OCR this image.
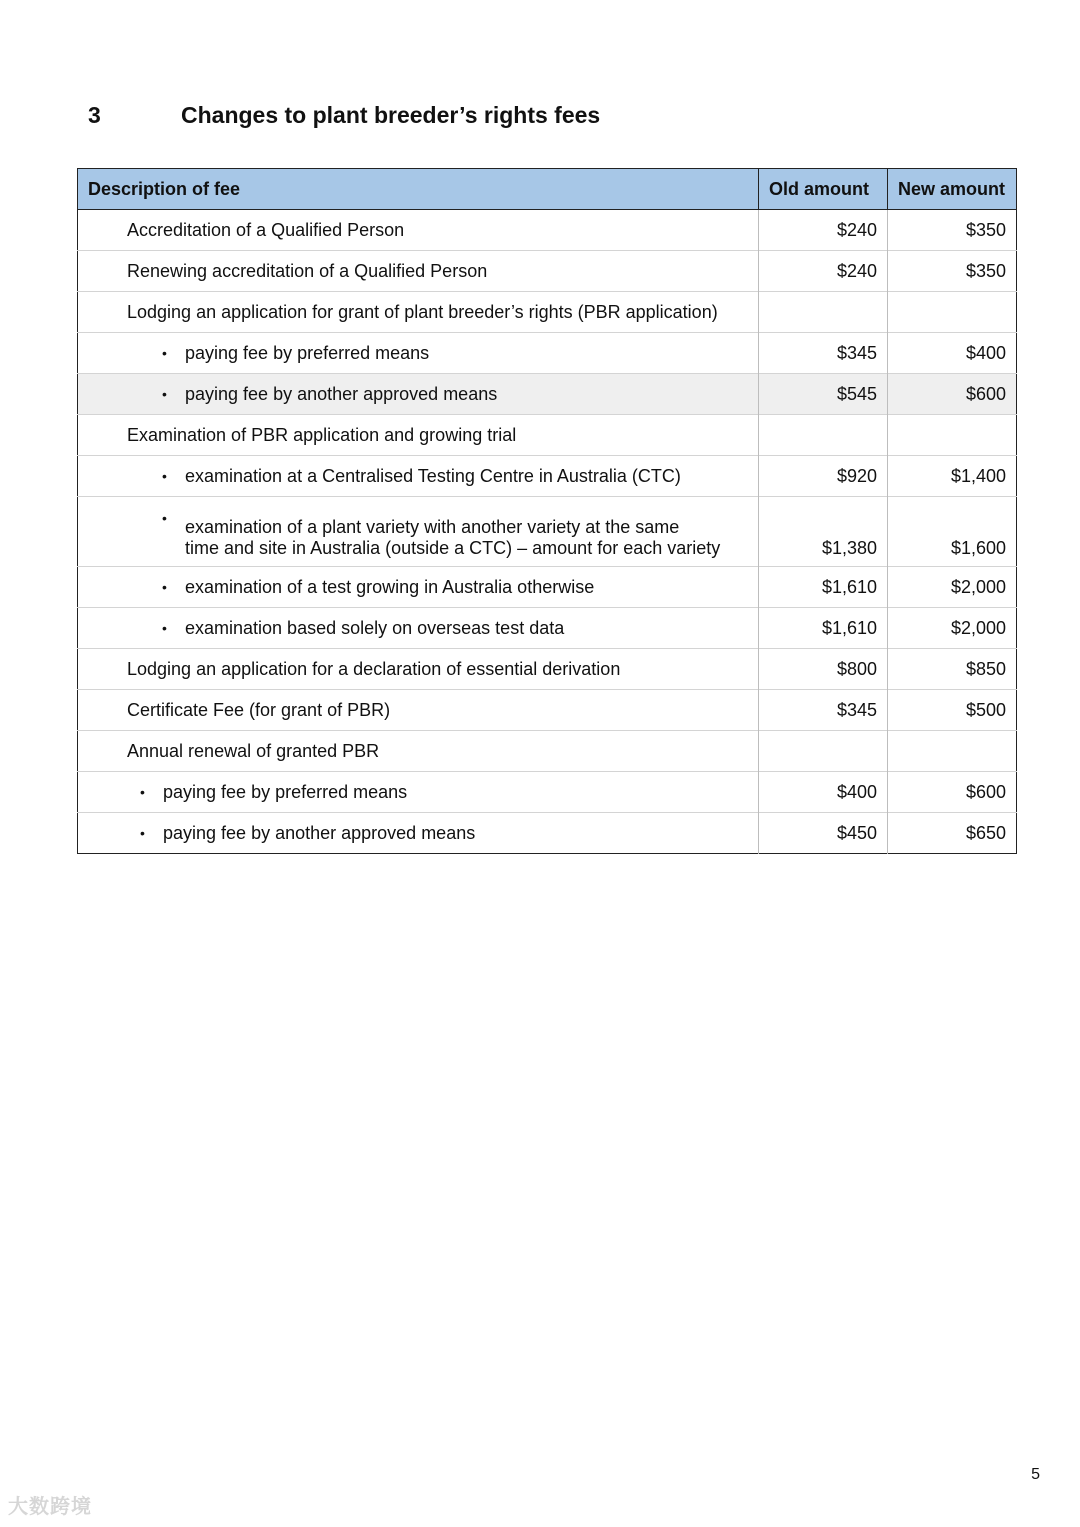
3	Changes to plant breeder’s rights fees
Description of fee	Old amount	New amount
Accreditation of a Qualified Person	$240	$350
Renewing accreditation of a Qualified Person	$240	$350
Lodging an application for grant of plant breeder’s rights (PBR application)		

• paying fee by preferred means	$345	$400

• paying fee by another approved means	$545	$600
Examination of PBR application and growing trial		

• examination at a Centralised Testing Centre in Australia (CTC)	$920	$1,400

• examination of a plant variety with another variety at the same
time and site in Australia (outside a CTC) – amount for each variety	$1,380	$1,600

• examination of a test growing in Australia otherwise	$1,610	$2,000

• examination based solely on overseas test data	$1,610	$2,000
Lodging an application for a declaration of essential derivation	$800	$850
Certificate Fee (for grant of PBR)	$345	$500
Annual renewal of granted PBR		

• paying fee by preferred means	$400	$600

• paying fee by another approved means	$450	$650
5
大数跨境
